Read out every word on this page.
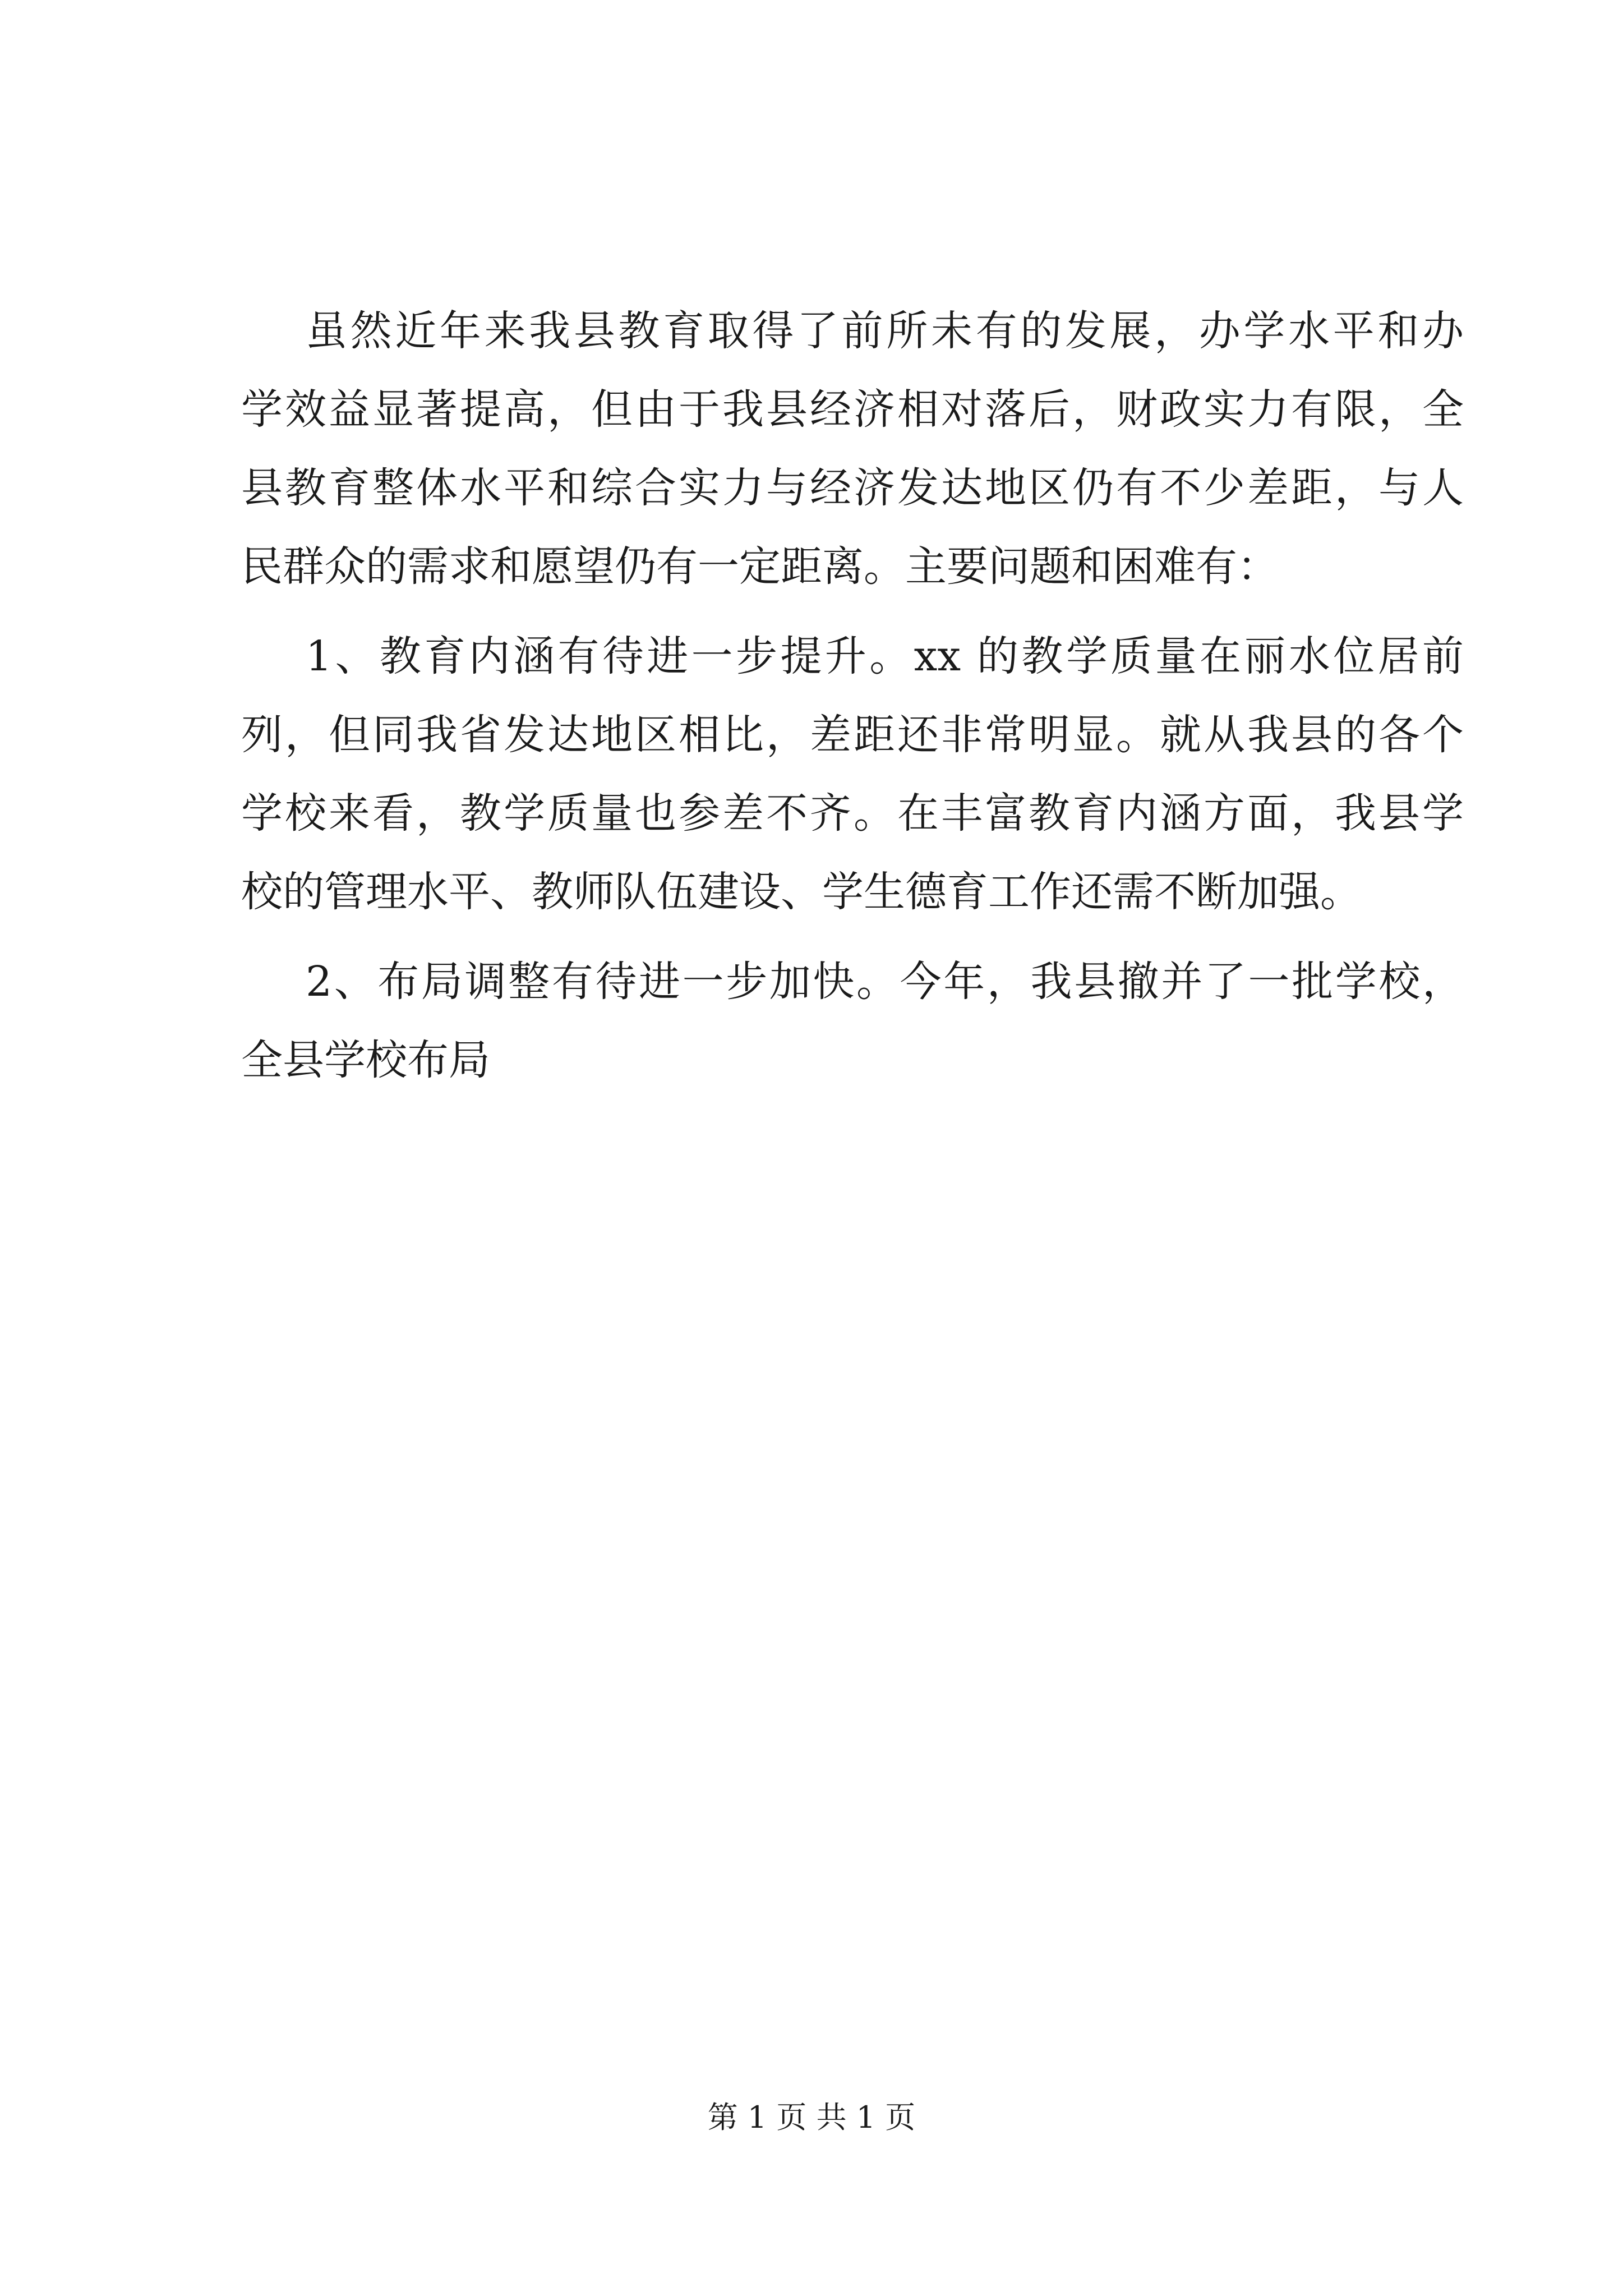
虽然近年来我县教育取得了前所未有的发展，办学水平和办
学效益显著提高，但由于我县经济相对落后，财政实力有限，全
县教育整体水平和综合实力与经济发达地区仍有不少差距，与人
民群众的需求和愿望仍有一定距离。主要问题和困难有：
1、教育内涵有待进一步提升。xx 的教学质量在丽水位居前
列，但同我省发达地区相比，差距还非常明显。就从我县的各个
学校来看，教学质量也参差不齐。在丰富教育内涵方面，我县学
校的管理水平、教师队伍建设、学生德育工作还需不断加强。
2、布局调整有待进一步加快。今年，我县撤并了一批学校，
全县学校布局
第 1 页 共 1 页
